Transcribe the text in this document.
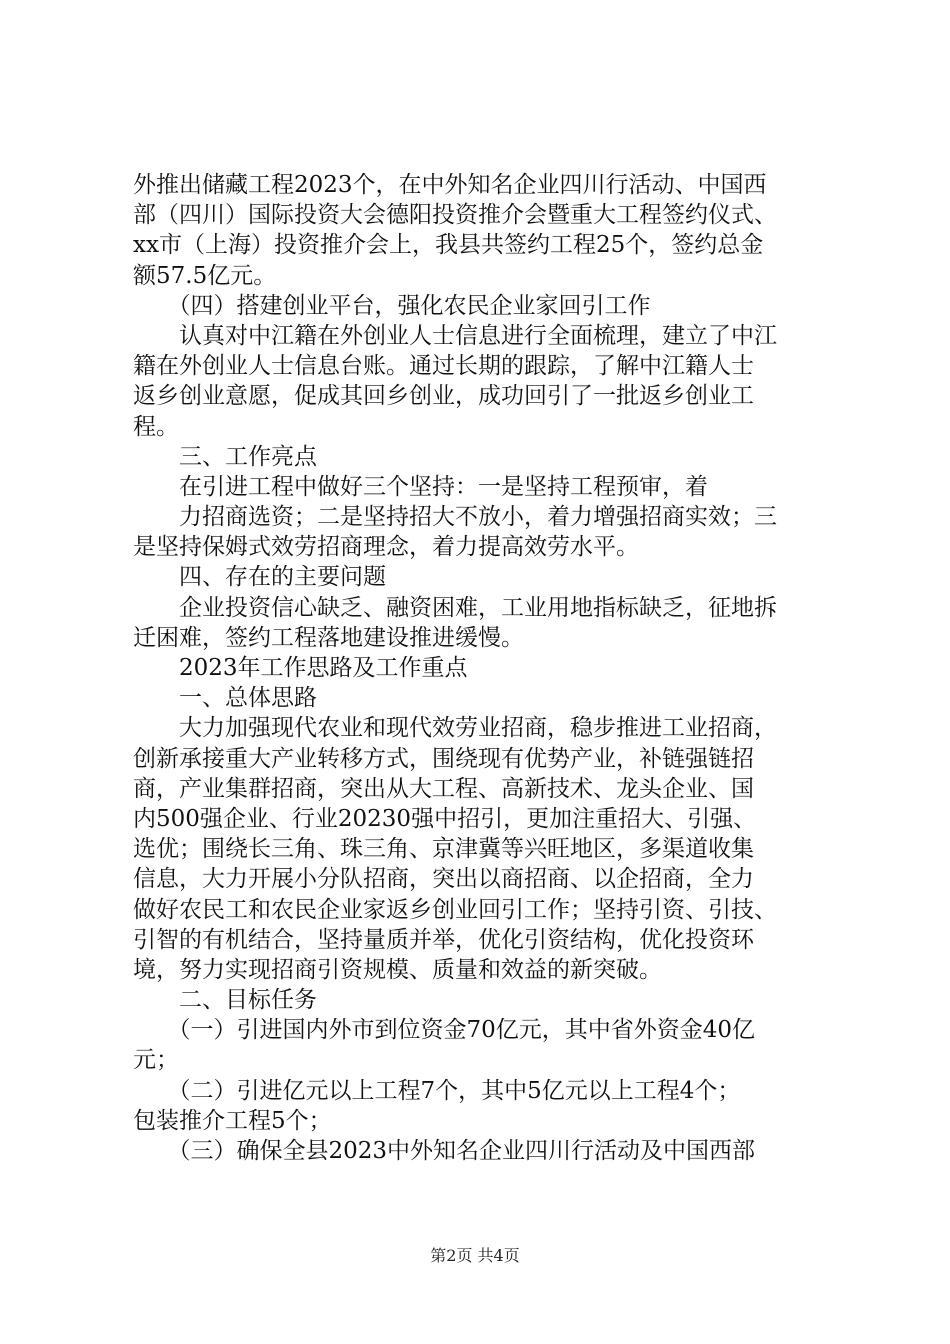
外推出储藏工程2023个，在中外知名企业四川行活动、中国西
部（四川）国际投资大会德阳投资推介会暨重大工程签约仪式、
xx市（上海）投资推介会上，我县共签约工程25个，签约总金
额57.5亿元。
　　（四）搭建创业平台，强化农民企业家回引工作
　　认真对中江籍在外创业人士信息进行全面梳理，建立了中江
籍在外创业人士信息台账。通过长期的跟踪，了解中江籍人士
返乡创业意愿，促成其回乡创业，成功回引了一批返乡创业工
程。
　　三、工作亮点
　　在引进工程中做好三个坚持：一是坚持工程预审，着
　　力招商选资；二是坚持招大不放小，着力增强招商实效；三
是坚持保姆式效劳招商理念，着力提高效劳水平。
　　四、存在的主要问题
　　企业投资信心缺乏、融资困难，工业用地指标缺乏，征地拆
迁困难，签约工程落地建设推进缓慢。
　　2023年工作思路及工作重点
　　一、总体思路
　　大力加强现代农业和现代效劳业招商，稳步推进工业招商，
创新承接重大产业转移方式，围绕现有优势产业，补链强链招
商，产业集群招商，突出从大工程、高新技术、龙头企业、国
内500强企业、行业20230强中招引，更加注重招大、引强、
选优；围绕长三角、珠三角、京津冀等兴旺地区，多渠道收集
信息，大力开展小分队招商，突出以商招商、以企招商，全力
做好农民工和农民企业家返乡创业回引工作；坚持引资、引技、
引智的有机结合，坚持量质并举，优化引资结构，优化投资环
境，努力实现招商引资规模、质量和效益的新突破。
　　二、目标任务
　　（一）引进国内外市到位资金70亿元，其中省外资金40亿
元；
　　（二）引进亿元以上工程7个，其中5亿元以上工程4个；
包装推介工程5个；
　　（三）确保全县2023中外知名企业四川行活动及中国西部
第2页 共4页
